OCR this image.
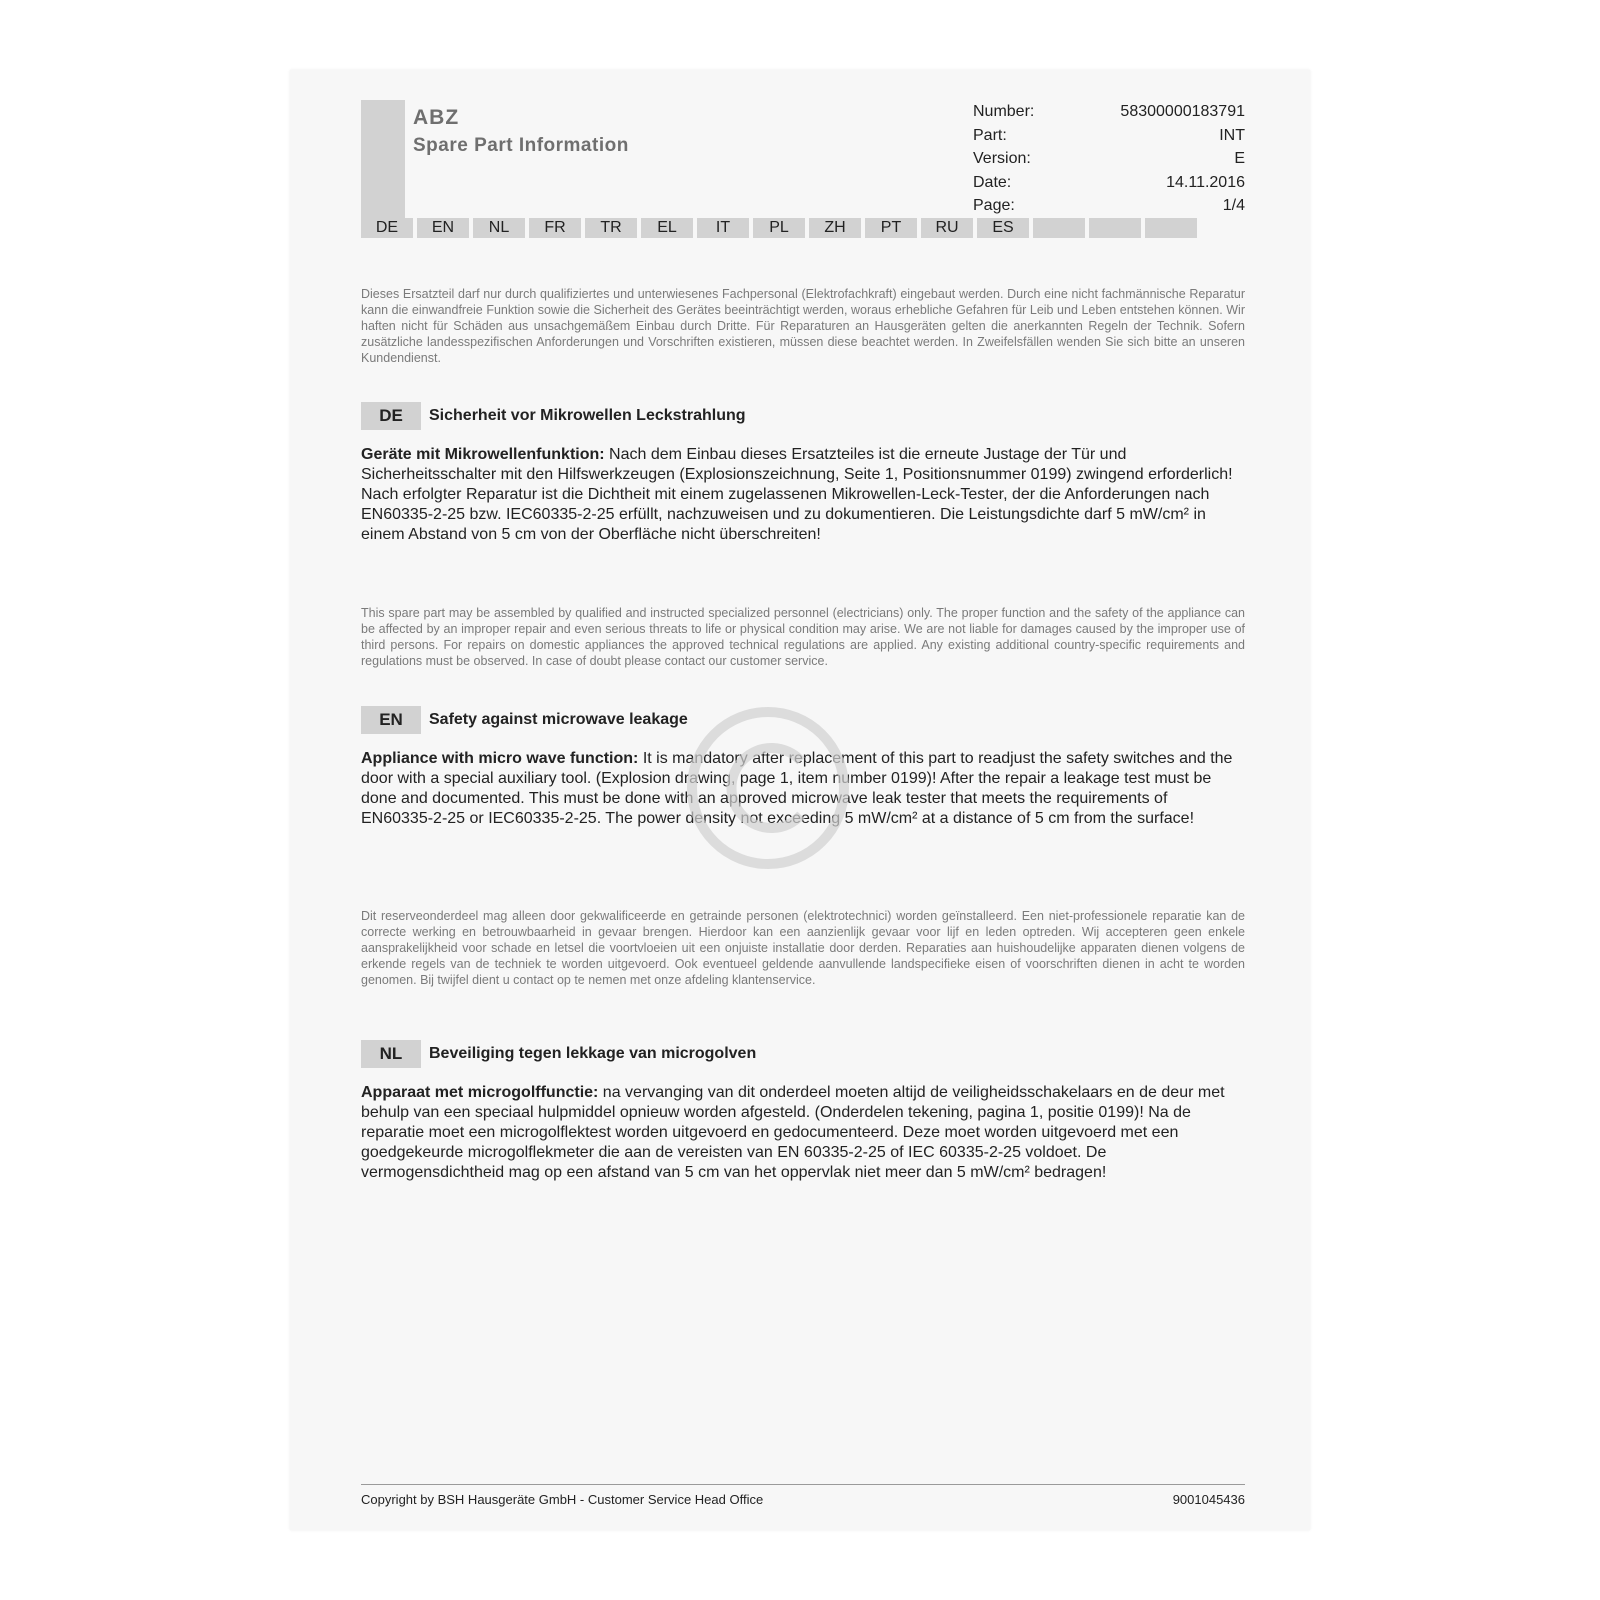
ABZ
Spare Part Information
Number:	58300000183791
Part:	INT
Version:	E
Date:	14.11.2016
Page:	1/4
DE	EN	NL	FR	TR	EL	IT	PL	ZH	PT	RU	ES

Dieses Ersatzteil darf nur durch qualifiziertes und unterwiesenes Fachpersonal (Elektrofachkraft) eingebaut werden. Durch eine nicht fachmännische Reparatur kann die einwandfreie Funktion sowie die Sicherheit des Gerätes beeinträchtigt werden, woraus erhebliche Gefahren für Leib und Leben entstehen können. Wir haften nicht für Schäden aus unsachgemäßem Einbau durch Dritte. Für Reparaturen an Hausgeräten gelten die anerkannten Regeln der Technik. Sofern zusätzliche landesspezifischen Anforderungen und Vorschriften existieren, müssen diese beachtet werden. In Zweifelsfällen wenden Sie sich bitte an unseren Kundendienst.

DE	Sicherheit vor Mikrowellen Leckstrahlung

Geräte mit Mikrowellenfunktion: Nach dem Einbau dieses Ersatzteiles ist die erneute Justage der Tür und Sicherheitsschalter mit den Hilfswerkzeugen (Explosionszeichnung, Seite 1, Positionsnummer 0199) zwingend erforderlich! Nach erfolgter Reparatur ist die Dichtheit mit einem zugelassenen Mikrowellen-Leck-Tester, der die Anforderungen nach EN60335-2-25 bzw. IEC60335-2-25 erfüllt, nachzuweisen und zu dokumentieren. Die Leistungsdichte darf 5 mW/cm² in einem Abstand von 5 cm von der Oberfläche nicht überschreiten!

This spare part may be assembled by qualified and instructed specialized personnel (electricians) only. The proper function and the safety of the appliance can be affected by an improper repair and even serious threats to life or physical condition may arise. We are not liable for damages caused by the improper use of third persons. For repairs on domestic appliances the approved technical regulations are applied. Any existing additional country-specific requirements and regulations must be observed. In case of doubt please contact our customer service.

EN	Safety against microwave leakage

Appliance with micro wave function: It is mandatory after replacement of this part to readjust the safety switches and the door with a special auxiliary tool. (Explosion drawing, page 1, item number 0199)! After the repair a leakage test must be done and documented. This must be done with an approved microwave leak tester that meets the requirements of EN60335-2-25 or IEC60335-2-25. The power density not exceeding 5 mW/cm² at a distance of 5 cm from the surface!

Dit reserveonderdeel mag alleen door gekwalificeerde en getrainde personen (elektrotechnici) worden geïnstalleerd. Een niet-professionele reparatie kan de correcte werking en betrouwbaarheid in gevaar brengen. Hierdoor kan een aanzienlijk gevaar voor lijf en leden optreden. Wij accepteren geen enkele aansprakelijkheid voor schade en letsel die voortvloeien uit een onjuiste installatie door derden. Reparaties aan huishoudelijke apparaten dienen volgens de erkende regels van de techniek te worden uitgevoerd. Ook eventueel geldende aanvullende landspecifieke eisen of voorschriften dienen in acht te worden genomen. Bij twijfel dient u contact op te nemen met onze afdeling klantenservice.

NL	Beveiliging tegen lekkage van microgolven

Apparaat met microgolffunctie: na vervanging van dit onderdeel moeten altijd de veiligheidsschakelaars en de deur met behulp van een speciaal hulpmiddel opnieuw worden afgesteld. (Onderdelen tekening, pagina 1, positie 0199)! Na de reparatie moet een microgolflektest worden uitgevoerd en gedocumenteerd. Deze moet worden uitgevoerd met een goedgekeurde microgolflekmeter die aan de vereisten van EN 60335-2-25 of IEC 60335-2-25 voldoet. De vermogensdichtheid mag op een afstand van 5 cm van het oppervlak niet meer dan 5 mW/cm² bedragen!

Copyright by BSH Hausgeräte GmbH - Customer Service Head Office	9001045436
